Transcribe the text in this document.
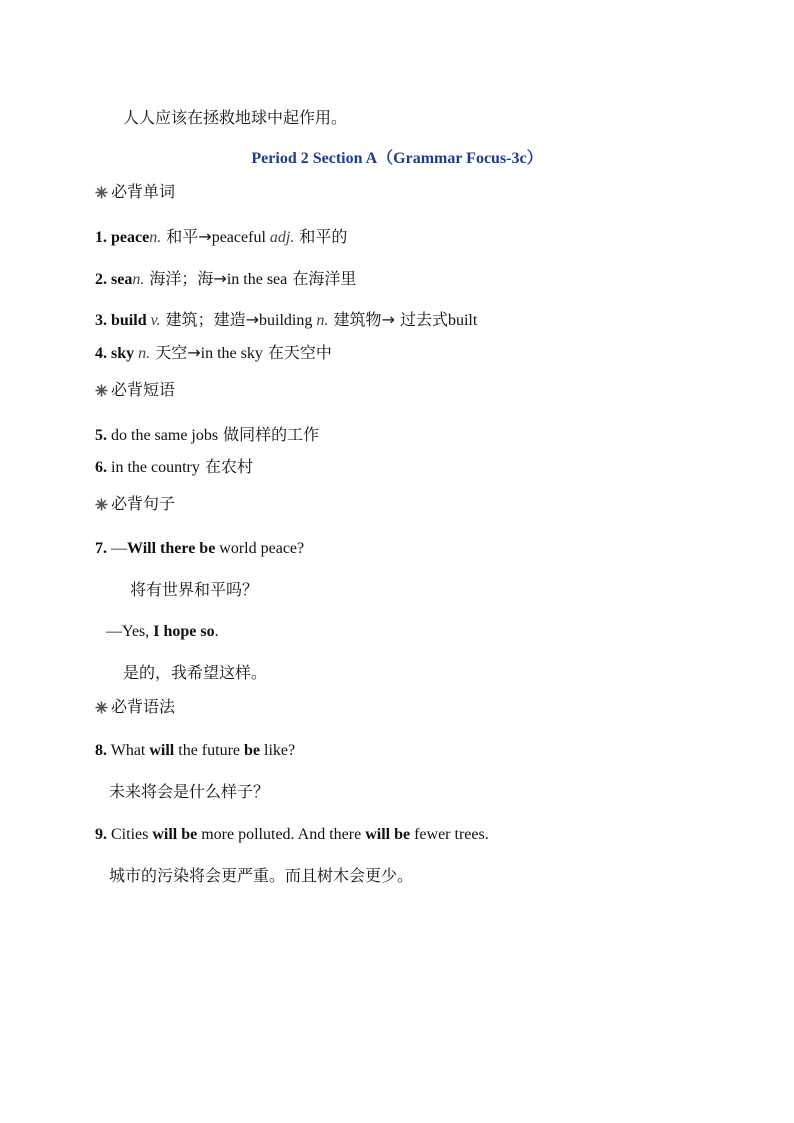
人人应该在拯救地球中起作用。
Period 2 Section A（Grammar Focus-3c）
必背单词
1. peacen. 和平→peaceful adj. 和平的
2. sean. 海洋；海→in the sea 在海洋里
3. build v. 建筑；建造→building n. 建筑物→ 过去式built
4. sky n. 天空→in the sky 在天空中
必背短语
5. do the same jobs 做同样的工作
6. in the country 在农村
必背句子
7. —Will there be world peace?
将有世界和平吗？
—Yes, I hope so.
是的，我希望这样。
必背语法
8. What will the future be like?
未来将会是什么样子？
9. Cities will be more polluted. And there will be fewer trees.
城市的污染将会更严重。而且树木会更少。
